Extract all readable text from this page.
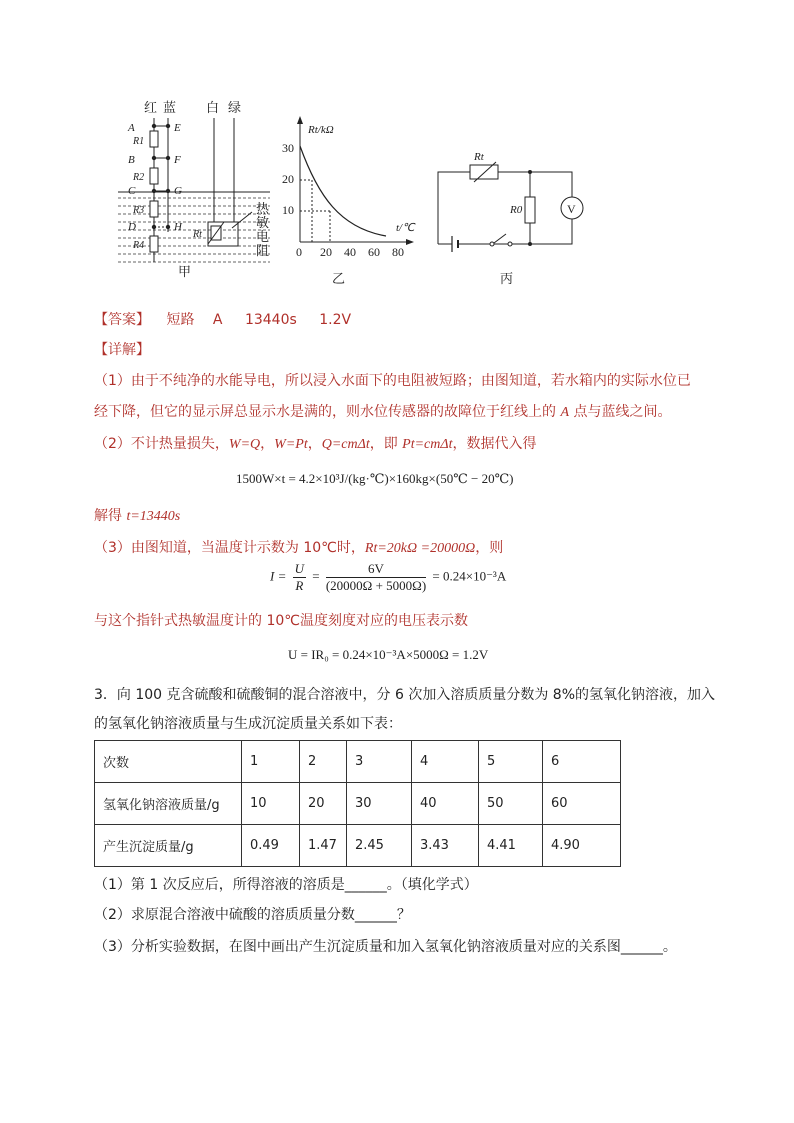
红 蓝 白 绿
A
B
C
D
E
F
G
H
R1
R2
R3
R4
Rt
热 敏 电 阻
甲
Rt/kΩ
t/℃
30
20
10
0 20 40 60 80
乙
Rt
R0	V
丙
【答案】 短路 A 13440s 1.2V
【详解】
（1）由于不纯净的水能导电，所以浸入水面下的电阻被短路；由图知道，若水箱内的实际水位已
经下降，但它的显示屏总显示水是满的，则水位传感器的故障位于红线上的 A 点与蓝线之间。
（2）不计热量损失，W=Q，W=Pt，Q=cmΔt，即 Pt=cmΔt，数据代入得
1500W×t = 4.2×10³J/(kg·℃)×160kg×(50℃ − 20℃)
解得 t=13440s
（3）由图知道，当温度计示数为 10℃时，Rt=20kΩ =20000Ω，则
$I = \frac{U}{R} = \frac{6V}{(20000\Omega + 5000\Omega)} = 0.24\times 10^{-3}A$
与这个指针式热敏温度计的 10℃温度刻度对应的电压表示数
U = IR₀ = 0.24×10⁻³A×5000Ω = 1.2V
3．向 100 克含硫酸和硫酸铜的混合溶液中，分 6 次加入溶质质量分数为 8%的氢氧化钠溶液，加入
的氢氧化钠溶液质量与生成沉淀质量关系如下表：
次数	1	2	3	4	5	6
氢氧化钠溶液质量/g	10	20	30	40	50	60
产生沉淀质量/g	0.49	1.47	2.45	3.43	4.41	4.90
（1）第 1 次反应后，所得溶液的溶质是______。（填化学式）
（2）求原混合溶液中硫酸的溶质质量分数______？
（3）分析实验数据，在图中画出产生沉淀质量和加入氢氧化钠溶液质量对应的关系图______。
